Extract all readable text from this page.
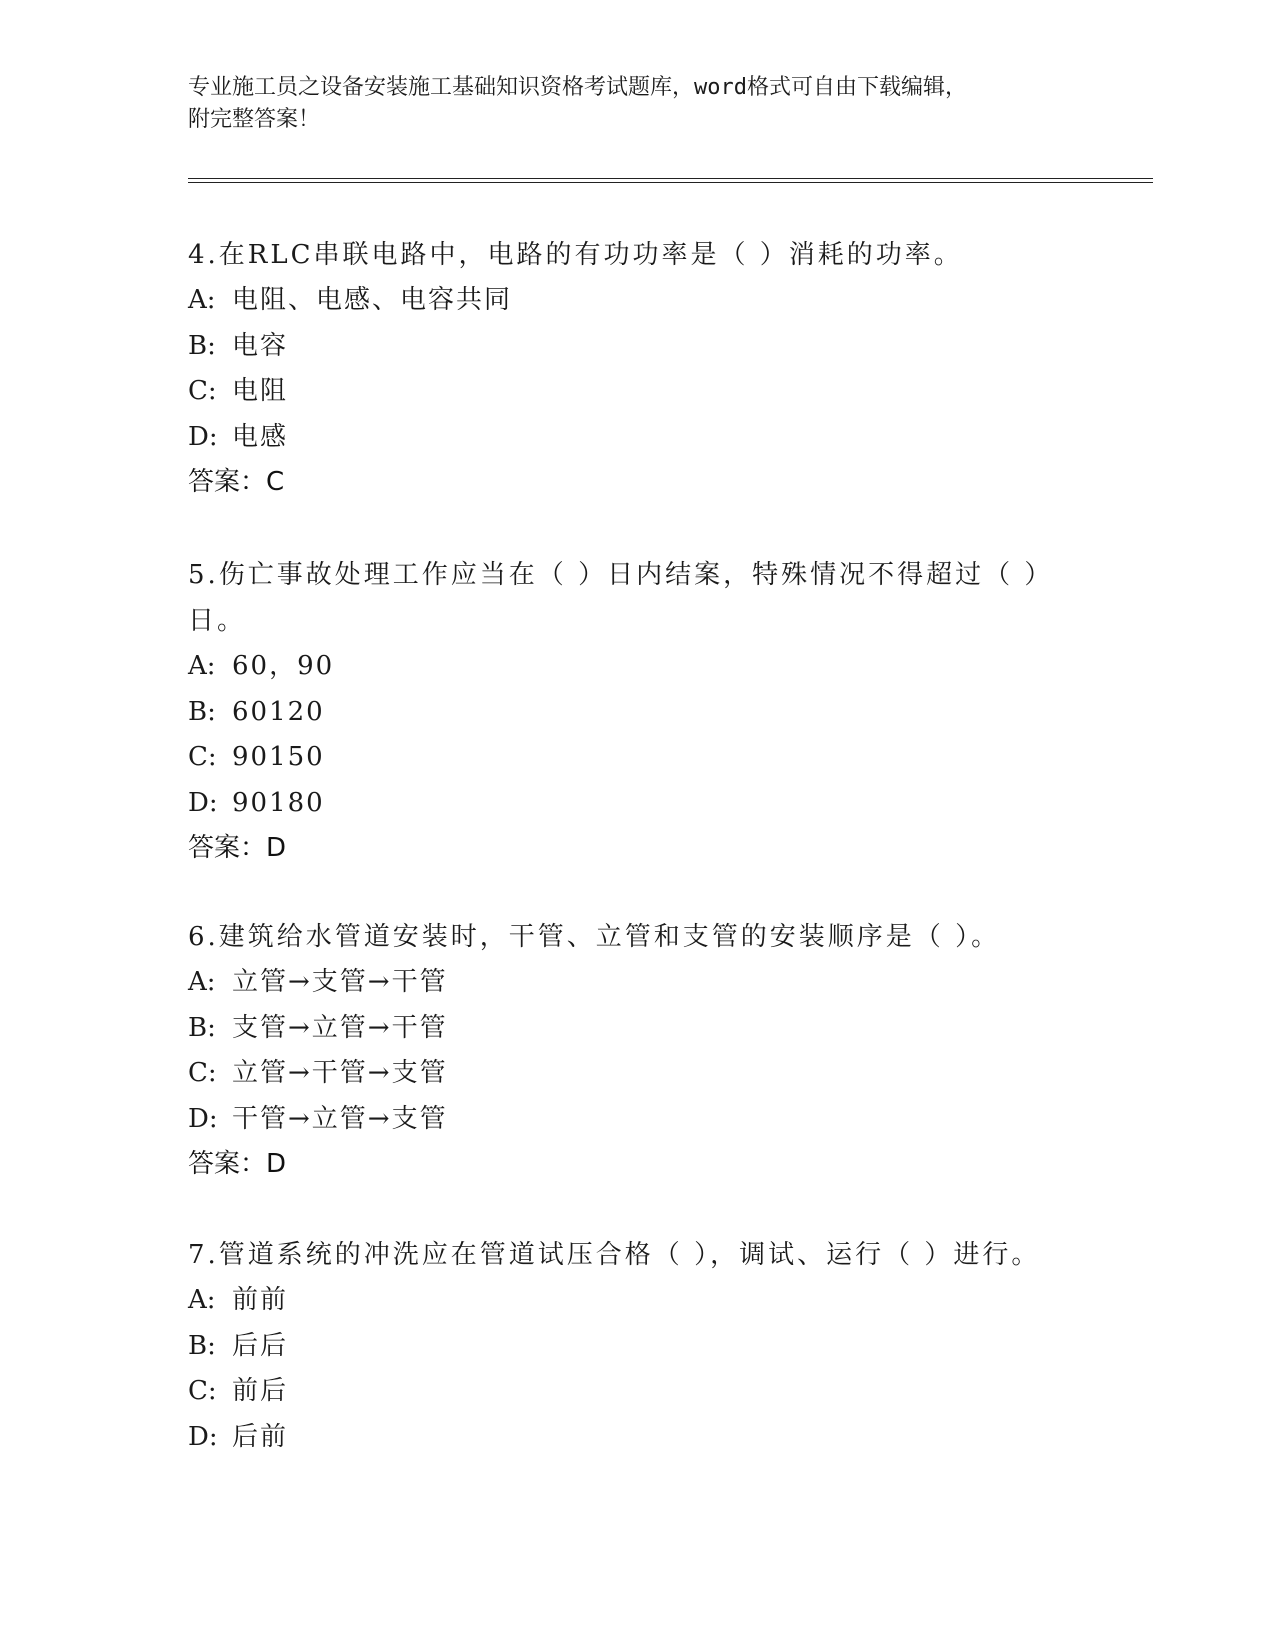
专业施工员之设备安装施工基础知识资格考试题库，word格式可自由下载编辑，
附完整答案！
4.在RLC串联电路中，电路的有功功率是（ ）消耗的功率。
A: 电阻、电感、电容共同
B: 电容
C: 电阻
D: 电感
答案：C
5.伤亡事故处理工作应当在（ ）日内结案，特殊情况不得超过（ ）
日。
A: 60，90
B: 60120
C: 90150
D: 90180
答案：D
6.建筑给水管道安装时，干管、立管和支管的安装顺序是（ ）。
A: 立管→支管→干管
B: 支管→立管→干管
C: 立管→干管→支管
D: 干管→立管→支管
答案：D
7.管道系统的冲洗应在管道试压合格（ ），调试、运行（ ）进行。
A: 前前
B: 后后
C: 前后
D: 后前
